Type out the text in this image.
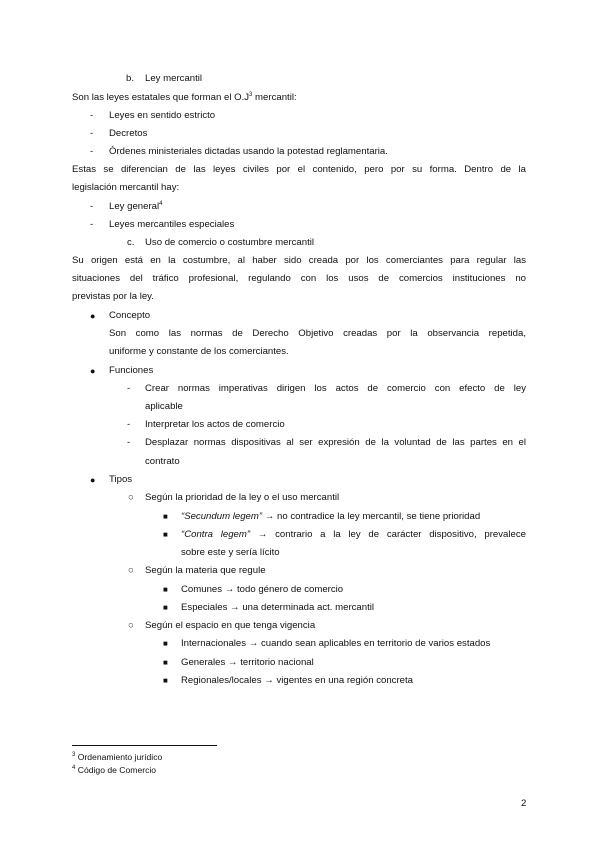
b. Ley mercantil
Son las leyes estatales que forman el $O.J^3$ mercantil:
- Leyes en sentido estricto
- Decretos
- Órdenes ministeriales dictadas usando la potestad reglamentaria.
Estas se diferencian de las leyes civiles por el contenido, pero por su forma. Dentro de la
legislación mercantil hay:
- Ley general$^4$
- Leyes mercantiles especiales
c. Uso de comercio o costumbre mercantil
Su origen está en la costumbre, al haber sido creada por los comerciantes para regular las
situaciones del tráfico profesional, regulando con los usos de comercios instituciones no
previstas por la ley.
● Concepto
Son como las normas de Derecho Objetivo creadas por la observancia repetida,
uniforme y constante de los comerciantes.
● Funciones
- Crear normas imperativas dirigen los actos de comercio con efecto de ley
aplicable
- Interpretar los actos de comercio
- Desplazar normas dispositivas al ser expresión de la voluntad de las partes en el
contrato
● Tipos
○ Según la prioridad de la ley o el uso mercantil
■ “Secundum legem” → no contradice la ley mercantil, se tiene prioridad
■ “Contra legem” → contrario a la ley de carácter dispositivo, prevalece
sobre este y sería lícito
○ Según la materia que regule
■ Comunes → todo género de comercio
■ Especiales → una determinada act. mercantil
○ Según el espacio en que tenga vigencia
■ Internacionales → cuando sean aplicables en territorio de varios estados
■ Generales → territorio nacional
■ Regionales/locales → vigentes en una región concreta
$^3$ Ordenamiento jurídico
$^4$ Código de Comercio
2
